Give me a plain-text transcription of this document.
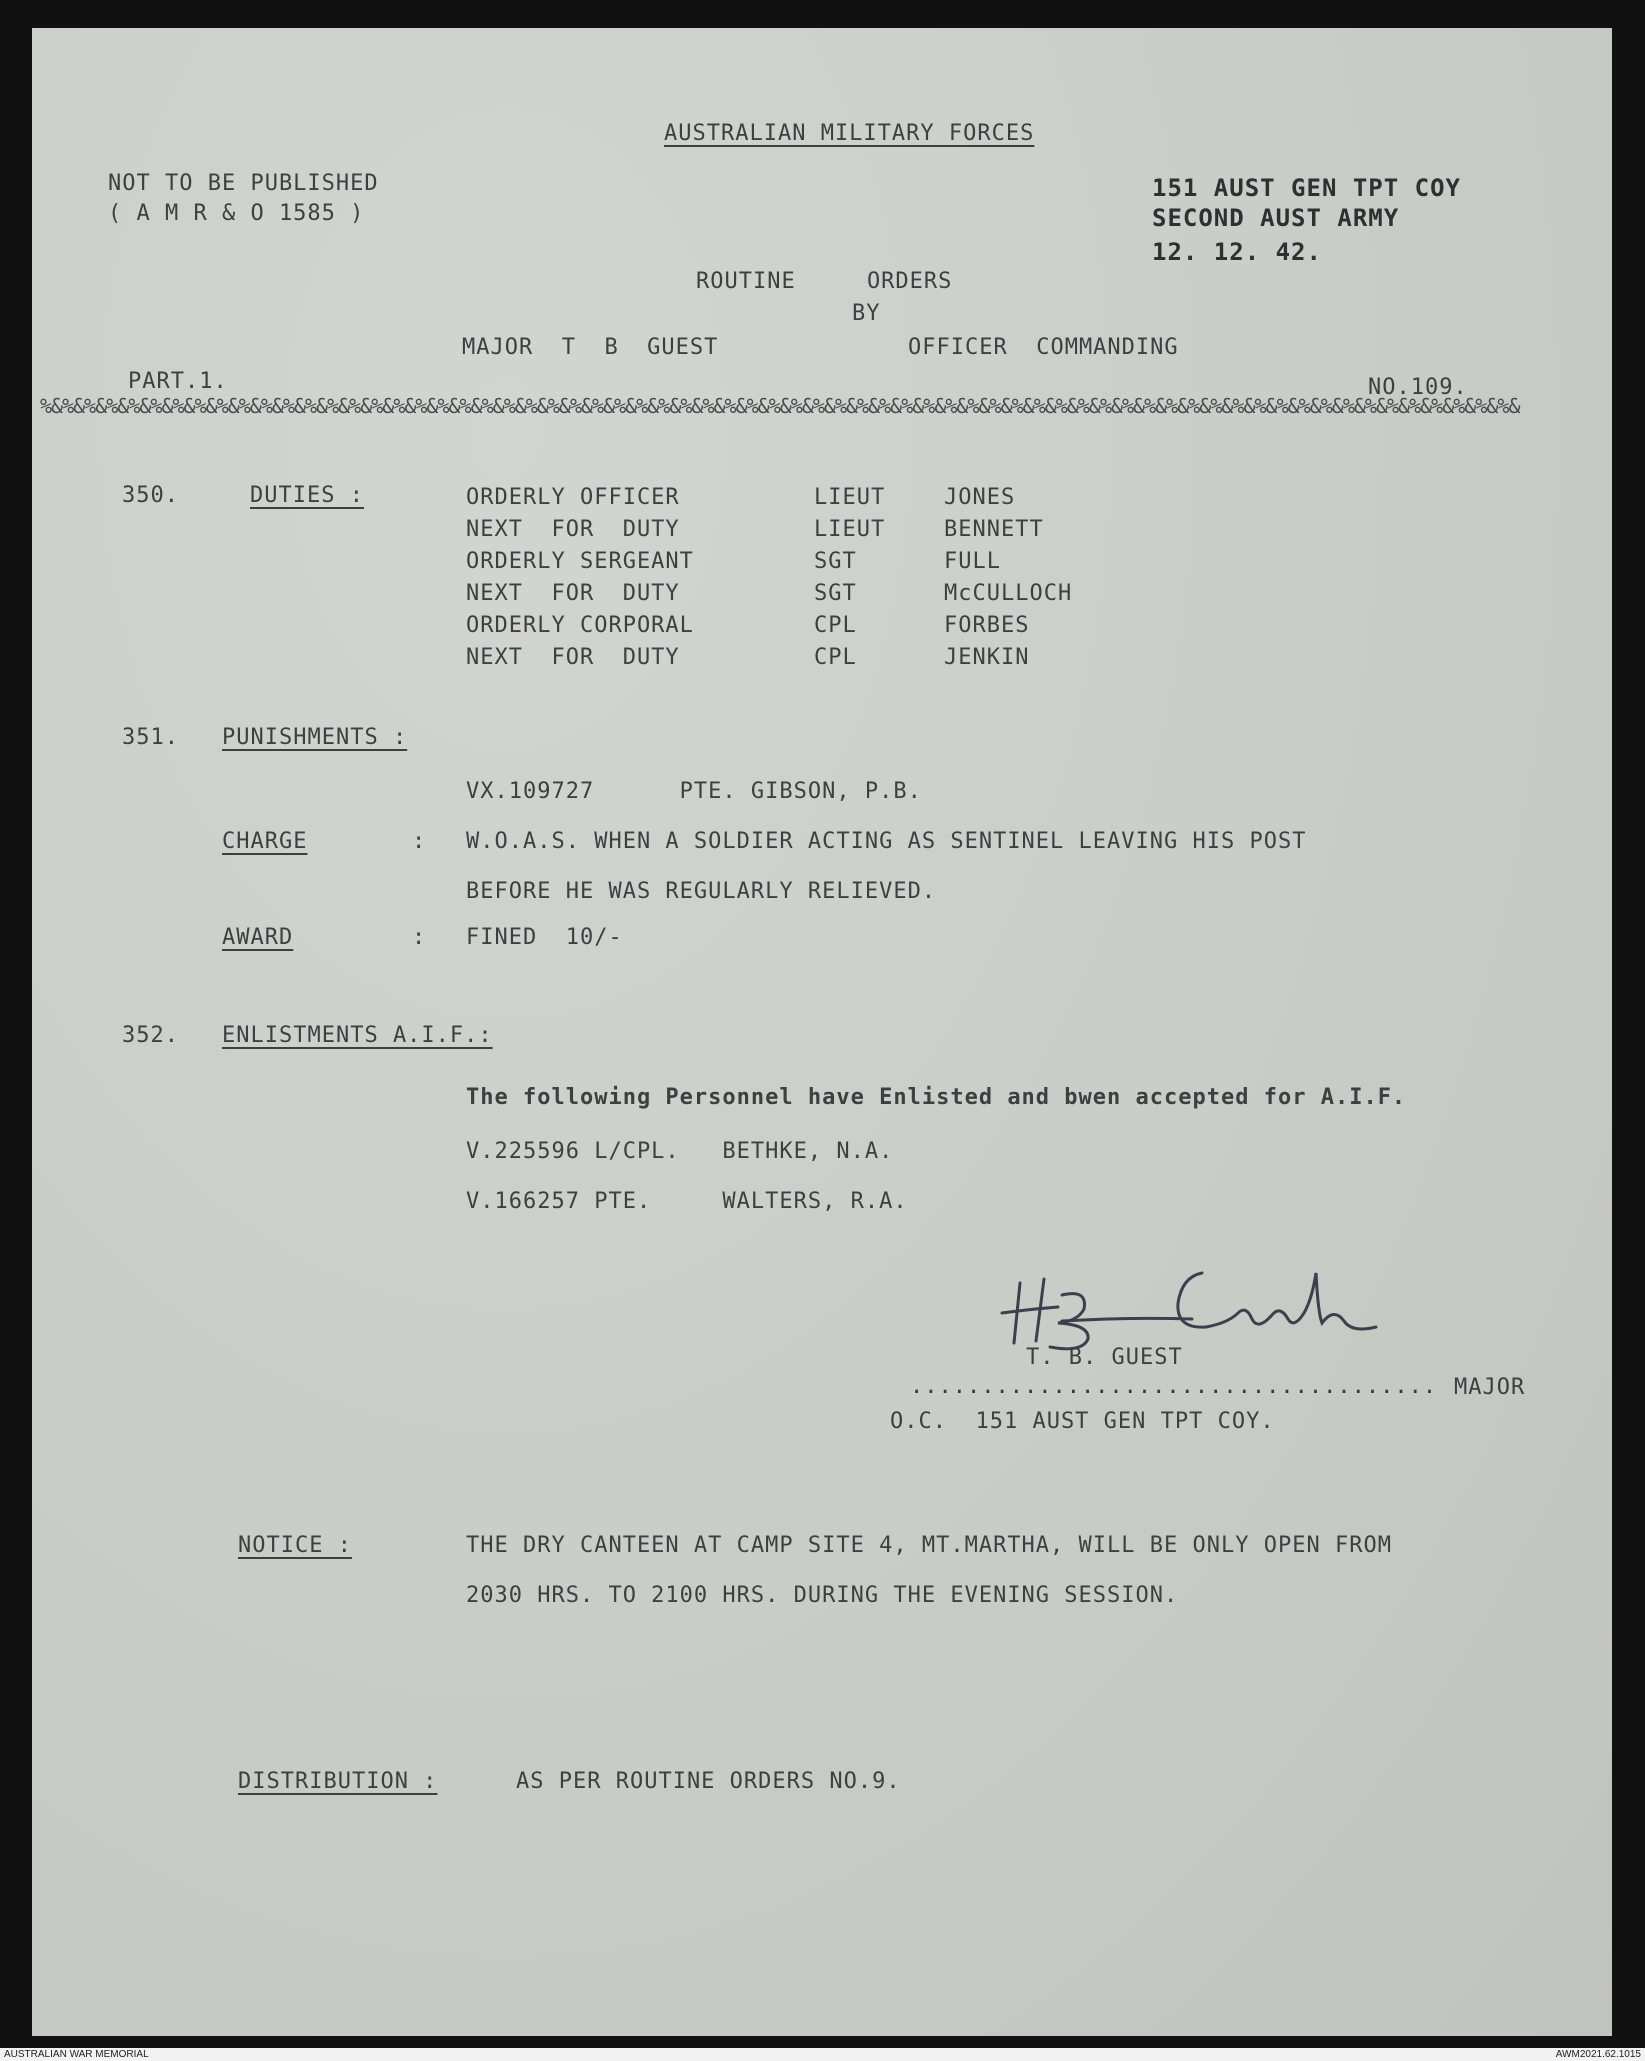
AUSTRALIAN MILITARY FORCES
NOT TO BE PUBLISHED
( A M R & O 1585 )
151 AUST GEN TPT COY
SECOND AUST ARMY
12. 12. 42.
ROUTINE     ORDERS
BY
MAJOR  T  B  GUEST	OFFICER  COMMANDING
PART.1.	NO.109.
%&%&%&%&%&%&%&%&%&%&%&%&%&%&%&%&%&%&%&%&%&%&%&%&%&%&%&%&%&%&%&%&%&%&%&%&%&%&%&%&%&%&%&%&%&%&%&%&%&%&%&%&%&%&%&%&%&%&%&%&%&%&%&%&%&%&%&
350.	DUTIES :	ORDERLY OFFICER	LIEUT	JONES
NEXT  FOR  DUTY	LIEUT	BENNETT
ORDERLY SERGEANT	SGT	FULL
NEXT  FOR  DUTY	SGT	McCULLOCH
ORDERLY CORPORAL	CPL	FORBES
NEXT  FOR  DUTY	CPL	JENKIN
351. PUNISHMENTS :
VX.109727      PTE. GIBSON, P.B.
CHARGE	: W.O.A.S. WHEN A SOLDIER ACTING AS SENTINEL LEAVING HIS POST
BEFORE HE WAS REGULARLY RELIEVED.
AWARD	: FINED  10/-
352. ENLISTMENTS A.I.F.:
The following Personnel have Enlisted and bwen accepted for A.I.F.
V.225596 L/CPL.   BETHKE, N.A.
V.166257 PTE.     WALTERS, R.A.
T. B. GUEST
..................................... MAJOR
O.C.  151 AUST GEN TPT COY.
NOTICE :	THE DRY CANTEEN AT CAMP SITE 4, MT.MARTHA, WILL BE ONLY OPEN FROM
2030 HRS. TO 2100 HRS. DURING THE EVENING SESSION.
DISTRIBUTION :	AS PER ROUTINE ORDERS NO.9.
AUSTRALIAN WAR MEMORIAL	AWM2021.62.1015
